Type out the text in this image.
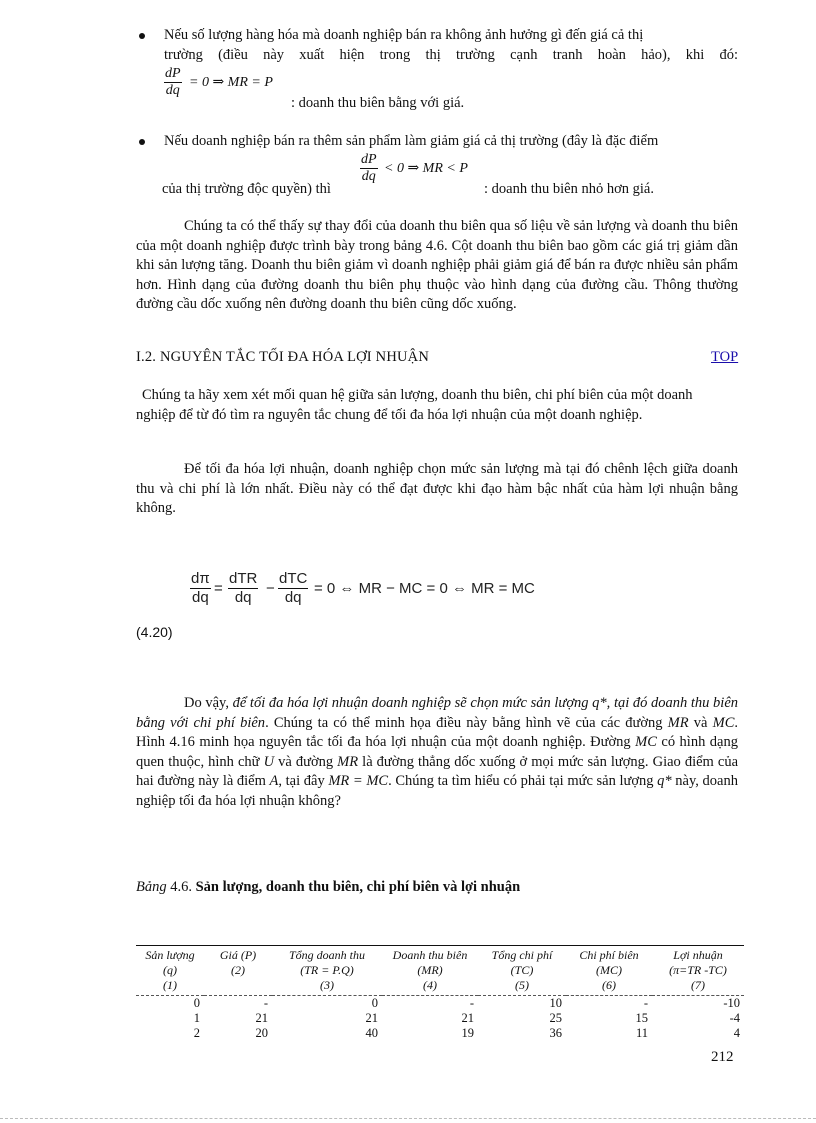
Nếu số lượng hàng hóa mà doanh nghiệp bán ra không ảnh hưởng gì đến giá cả thị

trường (điều này xuất hiện trong thị trường cạnh tranh hoàn hảo), khi đó:

$\frac{dP}{dq} = 0$ ⇒ MR = P
: doanh thu biên bằng với giá.

Nếu doanh nghiệp bán ra thêm sản phẩm làm giảm giá cả thị trường (đây là đặc điểm

$\frac{dP}{dq} < 0$ ⇒ MR < P
của thị trường độc quyền) thì	: doanh thu biên nhỏ hơn giá.

Chúng ta có thể thấy sự thay đổi của doanh thu biên qua số liệu về sản lượng và doanh thu biên của một doanh nghiệp được trình bày trong bảng 4.6. Cột doanh thu biên bao gồm các giá trị giảm dần khi sản lượng tăng. Doanh thu biên giảm vì doanh nghiệp phải giảm giá để bán ra được nhiều sản phẩm hơn. Hình dạng của đường doanh thu biên phụ thuộc vào hình dạng của đường cầu. Thông thường đường cầu dốc xuống nên đường doanh thu biên cũng dốc xuống.

I.2. NGUYÊN TẮC TỐI ĐA HÓA LỢI NHUẬN	TOP

Chúng ta hãy xem xét mối quan hệ giữa sản lượng, doanh thu biên, chi phí biên của một doanh nghiệp để từ đó tìm ra nguyên tắc chung để tối đa hóa lợi nhuận của một doanh nghiệp.

Để tối đa hóa lợi nhuận, doanh nghiệp chọn mức sản lượng mà tại đó chênh lệch giữa doanh thu và chi phí là lớn nhất. Điều này có thể đạt được khi đạo hàm bậc nhất của hàm lợi nhuận bằng không.

$\frac{d\pi}{dq}$ =
dTR
dq
−
dTC
dq
= 0 ⇔ MR − MC = 0 ⇔ MR = MC
(4.20)

Do vậy, để tối đa hóa lợi nhuận doanh nghiệp sẽ chọn mức sản lượng q*, tại đó doanh thu biên bằng với chi phí biên. Chúng ta có thể minh họa điều này bằng hình vẽ của các đường MR và MC. Hình 4.16 minh họa nguyên tắc tối đa hóa lợi nhuận của một doanh nghiệp. Đường MC có hình dạng quen thuộc, hình chữ U và đường MR là đường thẳng dốc xuống ở mọi mức sản lượng. Giao điểm của hai đường này là điểm A, tại đây MR = MC. Chúng ta tìm hiểu có phải tại mức sản lượng q* này, doanh nghiệp tối đa hóa lợi nhuận không?

Bảng 4.6. Sản lượng, doanh thu biên, chi phí biên và lợi nhuận
Sản lượng	Giá (P)	Tổng doanh thu	Doanh thu biên	Tổng chi phí	Chi phí biên	Lợi nhuận
(q)	(2)	(TR = P.Q)	(MR)	(TC)	(MC)	(π=TR -TC)
(1)		(3)	(4)	(5)	(6)	(7)
0	-	0	-	10	-	-10
1	21	21	21	25	15	-4
2	20	40	19	36	11	4
212
